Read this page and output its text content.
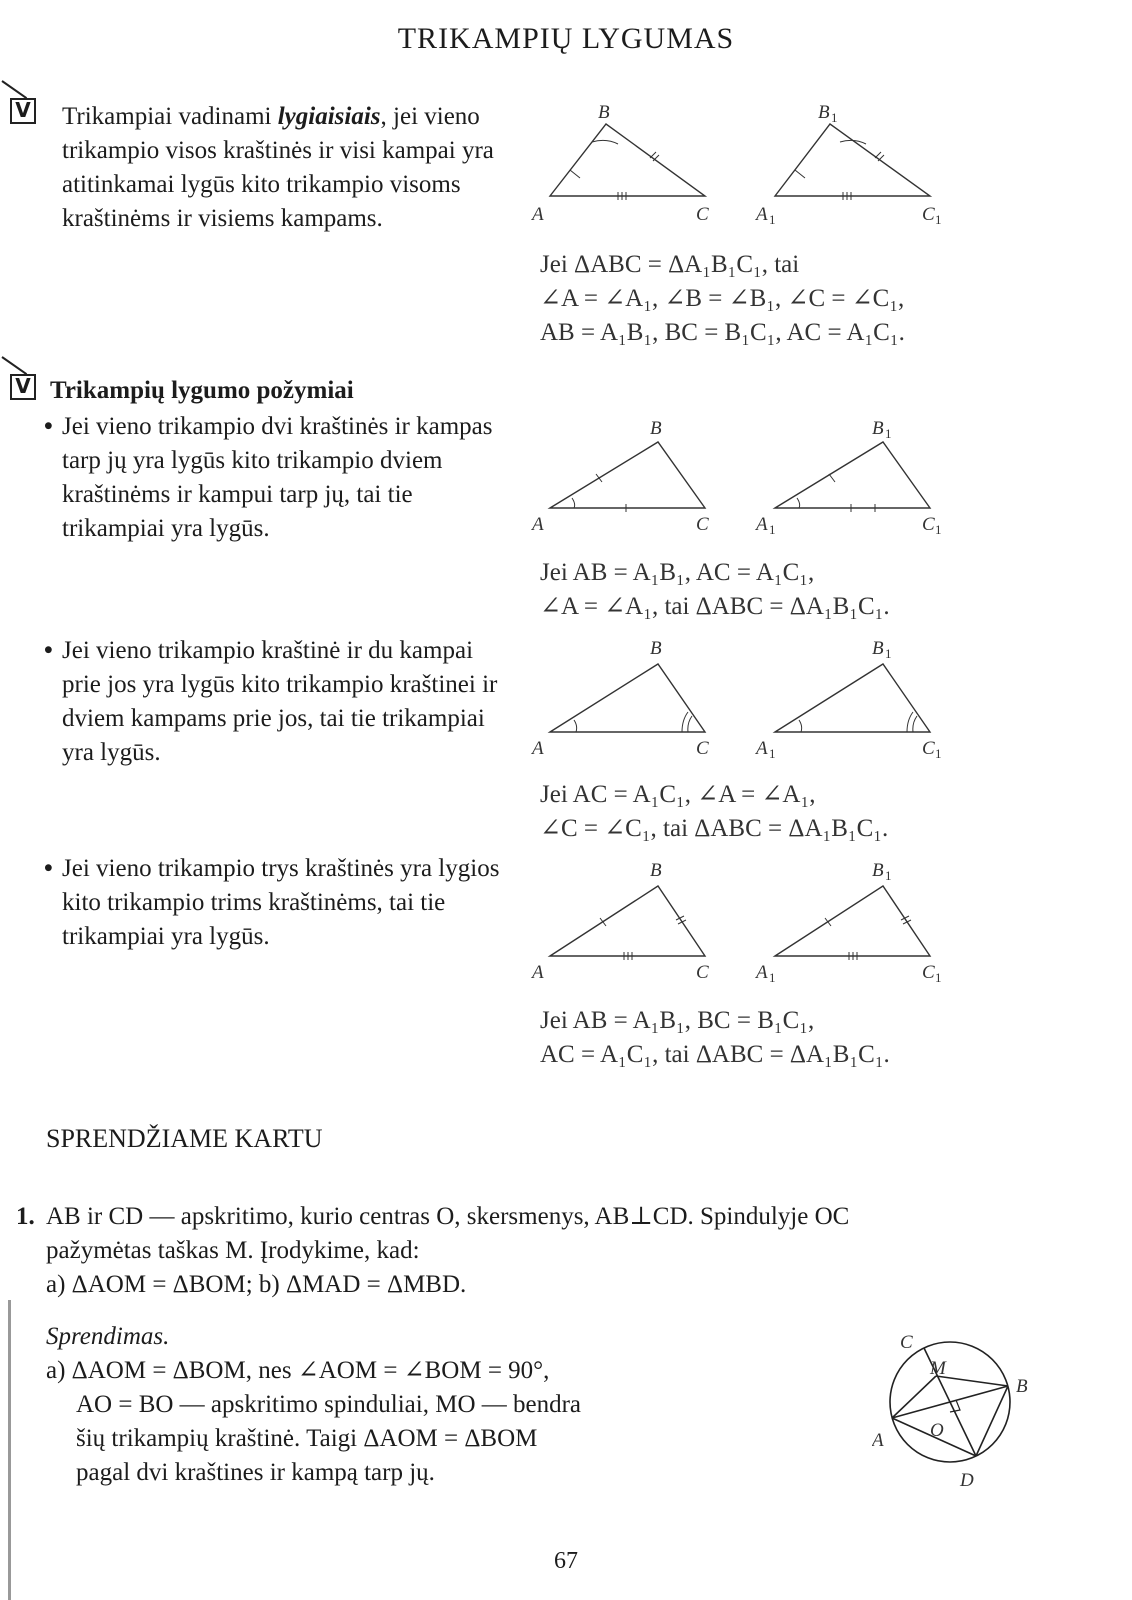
TRIKAMPIŲ LYGUMAS
V Trikampiai vadinami lygiaisiais, jei vieno trikampio visos kraštinės ir visi kampai yra atitinkamai lygūs kito trikampio visoms kraštinėms ir visiems kampams.
B
A	C
B 1
A 1	C 1
Jei ΔABC = ΔA₁B₁C₁, tai
∠A = ∠A₁, ∠B = ∠B₁, ∠C = ∠C₁,
AB = A₁B₁, BC = B₁C₁, AC = A₁C₁.
V Trikampių lygumo požymiai
• Jei vieno trikampio dvi kraštinės ir kampas tarp jų yra lygūs kito trikampio dviem kraštinėms ir kampui tarp jų, tai tie trikampiai yra lygūs.
B
A	C
B 1
A 1	C 1
Jei AB = A₁B₁, AC = A₁C₁,
∠A = ∠A₁, tai ΔABC = ΔA₁B₁C₁.
• Jei vieno trikampio kraštinė ir du kampai prie jos yra lygūs kito trikampio kraštinei ir dviem kampams prie jos, tai tie trikampiai yra lygūs.
B
A	C
B 1
A 1	C 1
Jei AC = A₁C₁, ∠A = ∠A₁,
∠C = ∠C₁, tai ΔABC = ΔA₁B₁C₁.
• Jei vieno trikampio trys kraštinės yra lygios kito trikampio trims kraštinėms, tai tie trikampiai yra lygūs.
B
A	C
B 1
A 1	C 1
Jei AB = A₁B₁, BC = B₁C₁,
AC = A₁C₁, tai ΔABC = ΔA₁B₁C₁.
SPRENDŽIAME KARTU
1. AB ir CD — apskritimo, kurio centras O, skersmenys, AB⊥CD. Spindulyje OC
pažymėtas taškas M. Įrodykime, kad:
a) ΔAOM = ΔBOM; b) ΔMAD = ΔMBD.
Sprendimas.
a) ΔAOM = ΔBOM, nes ∠AOM = ∠BOM = 90°,
AO = BO — apskritimo spinduliai, MO — bendra
šių trikampių kraštinė. Taigi ΔAOM = ΔBOM
pagal dvi kraštines ir kampą tarp jų.
C
M
B
O
A
D
67
